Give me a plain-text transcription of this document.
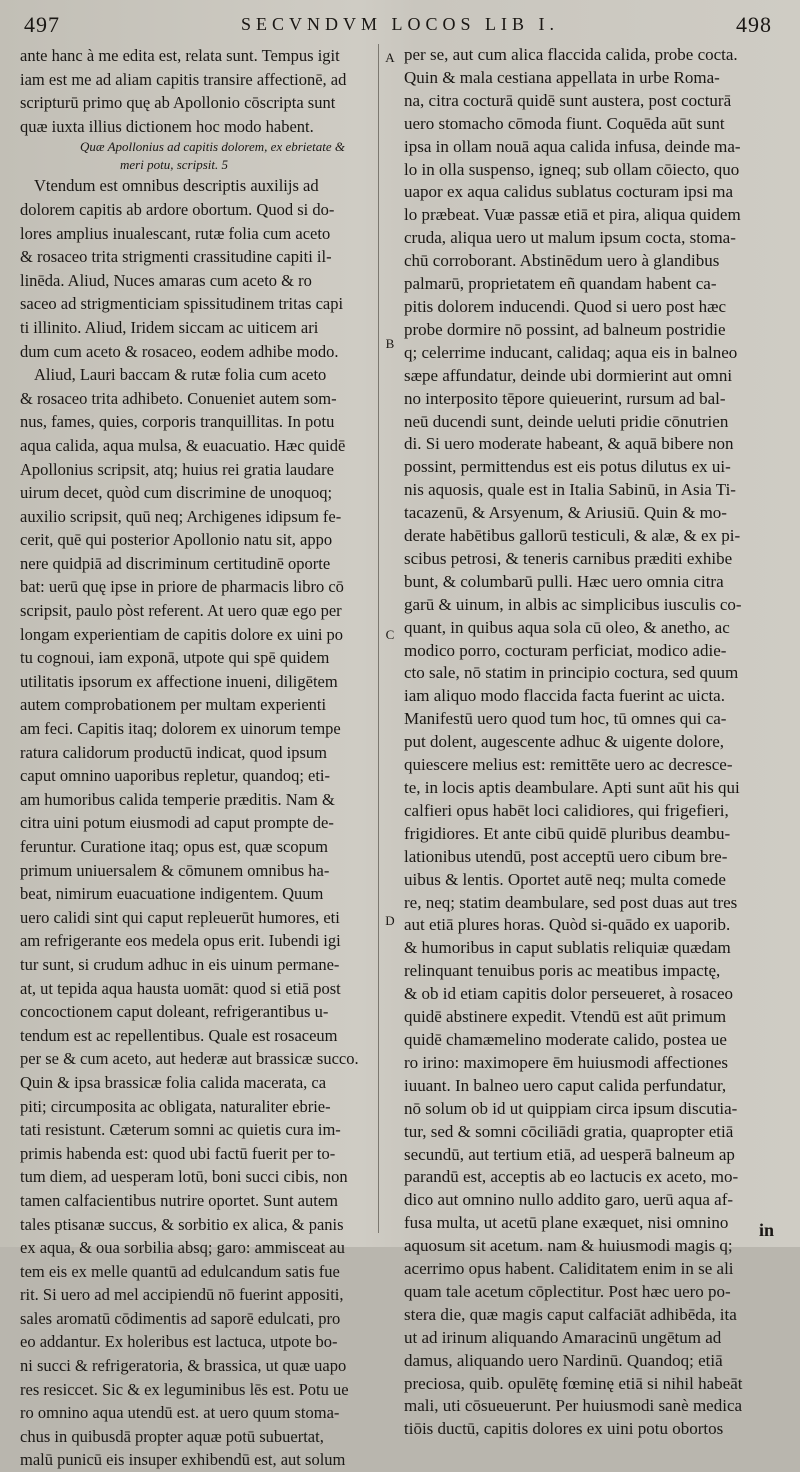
497	SECVNDVM LOCOS LIB I.	498
ante hanc à me edita est, relata sunt. Tempus igit
iam est me ad aliam capitis transire affectionē, ad
scripturū primo quę ab Apollonio cōscripta sunt
quæ iuxta illius dictionem hoc modo habent.
Quæ Apollonius ad capitis dolorem, ex ebrietate &
meri potu, scripsit. 5
Vtendum est omnibus descriptis auxilijs ad
dolorem capitis ab ardore obortum. Quod si do-
lores amplius inualescant, rutæ folia cum aceto
& rosaceo trita strigmenti crassitudine capiti il-
linēda. Aliud, Nuces amaras cum aceto & ro
saceo ad strigmenticiam spissitudinem tritas capi
ti illinito. Aliud, Iridem siccam ac uiticem ari
dum cum aceto & rosaceo, eodem adhibe modo.
Aliud, Lauri baccam & rutæ folia cum aceto
& rosaceo trita adhibeto. Conueniet autem som-
nus, fames, quies, corporis tranquillitas. In potu
aqua calida, aqua mulsa, & euacuatio. Hæc quidē
Apollonius scripsit, atq; huius rei gratia laudare
uirum decet, quòd cum discrimine de unoquoq;
auxilio scripsit, quū neq; Archigenes idipsum fe-
cerit, quē qui posterior Apollonio natu sit, appo
nere quidpiā ad discriminum certitudinē oporte
bat: uerū quę ipse in priore de pharmacis libro cō
scripsit, paulo pòst referent. At uero quæ ego per
longam experientiam de capitis dolore ex uini po
tu cognoui, iam exponā, utpote qui spē quidem
utilitatis ipsorum ex affectione inueni, diligētem
autem comprobationem per multam experienti
am feci. Capitis itaq; dolorem ex uinorum tempe
ratura calidorum productū indicat, quod ipsum
caput omnino uaporibus repletur, quandoq; eti-
am humoribus calida temperie præditis. Nam &
citra uini potum eiusmodi ad caput prompte de-
feruntur. Curatione itaq; opus est, quæ scopum
primum uniuersalem & cōmunem omnibus ha-
beat, nimirum euacuatione indigentem. Quum
uero calidi sint qui caput repleuerūt humores, eti
am refrigerante eos medela opus erit. Iubendi igi
tur sunt, si crudum adhuc in eis uinum permane-
at, ut tepida aqua hausta uomāt: quod si etiā post
concoctionem caput doleant, refrigerantibus u-
tendum est ac repellentibus. Quale est rosaceum
per se & cum aceto, aut hederæ aut brassicæ succo.
Quin & ipsa brassicæ folia calida macerata, ca
piti; circumposita ac obligata, naturaliter ebrie-
tati resistunt. Cæterum somni ac quietis cura im-
primis habenda est: quod ubi factū fuerit per to-
tum diem, ad uesperam lotū, boni succi cibis, non
tamen calfacientibus nutrire oportet. Sunt autem
tales ptisanæ succus, & sorbitio ex alica, & panis
ex aqua, & oua sorbilia absq; garo: ammisceat au
tem eis ex melle quantū ad edulcandum satis fue
rit. Si uero ad mel accipiendū nō fuerint appositi,
sales aromatū cōdimentis ad saporē edulcati, pro
eo addantur. Ex holeribus est lactuca, utpote bo-
ni succi & refrigeratoria, & brassica, ut quæ uapo
res resiccet. Sic & ex leguminibus lēs est. Potu ue
ro omnino aqua utendū est. at uero quum stoma-
chus in quibusdā propter aquæ potū subuertat,
malū punicū eis insuper exhibendū est, aut solum
A
B
C
D
per se, aut cum alica flaccida calida, probe cocta.
Quin & mala cestiana appellata in urbe Roma-
na, citra cocturā quidē sunt austera, post cocturā
uero stomacho cōmoda fiunt. Coquēda aūt sunt
ipsa in ollam nouā aqua calida infusa, deinde ma-
lo in olla suspenso, igneq; sub ollam cōiecto, quo
uapor ex aqua calidus sublatus cocturam ipsi ma
lo præbeat. Vuæ passæ etiā et pira, aliqua quidem
cruda, aliqua uero ut malum ipsum cocta, stoma-
chū corroborant. Abstinēdum uero à glandibus
palmarū, proprietatem eñ quandam habent ca-
pitis dolorem inducendi. Quod si uero post hæc
probe dormire nō possint, ad balneum postridie
q; celerrime inducant, calidaq; aqua eis in balneo
sæpe affundatur, deinde ubi dormierint aut omni
no interposito tēpore quieuerint, rursum ad bal-
neū ducendi sunt, deinde ueluti pridie cōnutrien
di. Si uero moderate habeant, & aquā bibere non
possint, permittendus est eis potus dilutus ex ui-
nis aquosis, quale est in Italia Sabinū, in Asia Ti-
tacazenū, & Arsyenum, & Ariusiū. Quin & mo-
derate habētibus gallorū testiculi, & alæ, & ex pi-
scibus petrosi, & teneris carnibus præditi exhibe
bunt, & columbarū pulli. Hæc uero omnia citra
garū & uinum, in albis ac simplicibus iusculis co-
quant, in quibus aqua sola cū oleo, & anetho, ac
modico porro, cocturam perficiat, modico adie-
cto sale, nō statim in principio coctura, sed quum
iam aliquo modo flaccida facta fuerint ac uicta.
Manifestū uero quod tum hoc, tū omnes qui ca-
put dolent, augescente adhuc & uigente dolore,
quiescere melius est: remittēte uero ac decresce-
te, in locis aptis deambulare. Apti sunt aūt his qui
calfieri opus habēt loci calidiores, qui frigefieri,
frigidiores. Et ante cibū quidē pluribus deambu-
lationibus utendū, post acceptū uero cibum bre-
uibus & lentis. Oportet autē neq; multa comede
re, neq; statim deambulare, sed post duas aut tres
aut etiā plures horas. Quòd si-quādo ex uaporib.
& humoribus in caput sublatis reliquiæ quædam
relinquant tenuibus poris ac meatibus impactę,
& ob id etiam capitis dolor perseueret, à rosaceo
quidē abstinere expedit. Vtendū est aūt primum
quidē chamæmelino moderate calido, postea ue
ro irino: maximopere ēm huiusmodi affectiones
iuuant. In balneo uero caput calida perfundatur,
nō solum ob id ut quippiam circa ipsum discutia-
tur, sed & somni cōciliādi gratia, quapropter etiā
secundū, aut tertium etiā, ad uesperā balneum ap
parandū est, acceptis ab eo lactucis ex aceto, mo-
dico aut omnino nullo addito garo, uerū aqua af-
fusa multa, ut acetū plane exæquet, nisi omnino
aquosum sit acetum. nam & huiusmodi magis q;
acerrimo opus habent. Caliditatem enim in se ali
quam tale acetum cōplectitur. Post hæc uero po-
stera die, quæ magis caput calfaciāt adhibēda, ita
ut ad irinum aliquando Amaracinū ungētum ad
damus, aliquando uero Nardinū. Quandoq; etiā
preciosa, quib. opulētę fœminę etiā si nihil habeāt
mali, uti cōsueuerunt. Per huiusmodi sanè medica
tiōis ductū, capitis dolores ex uini potu obortos
in
